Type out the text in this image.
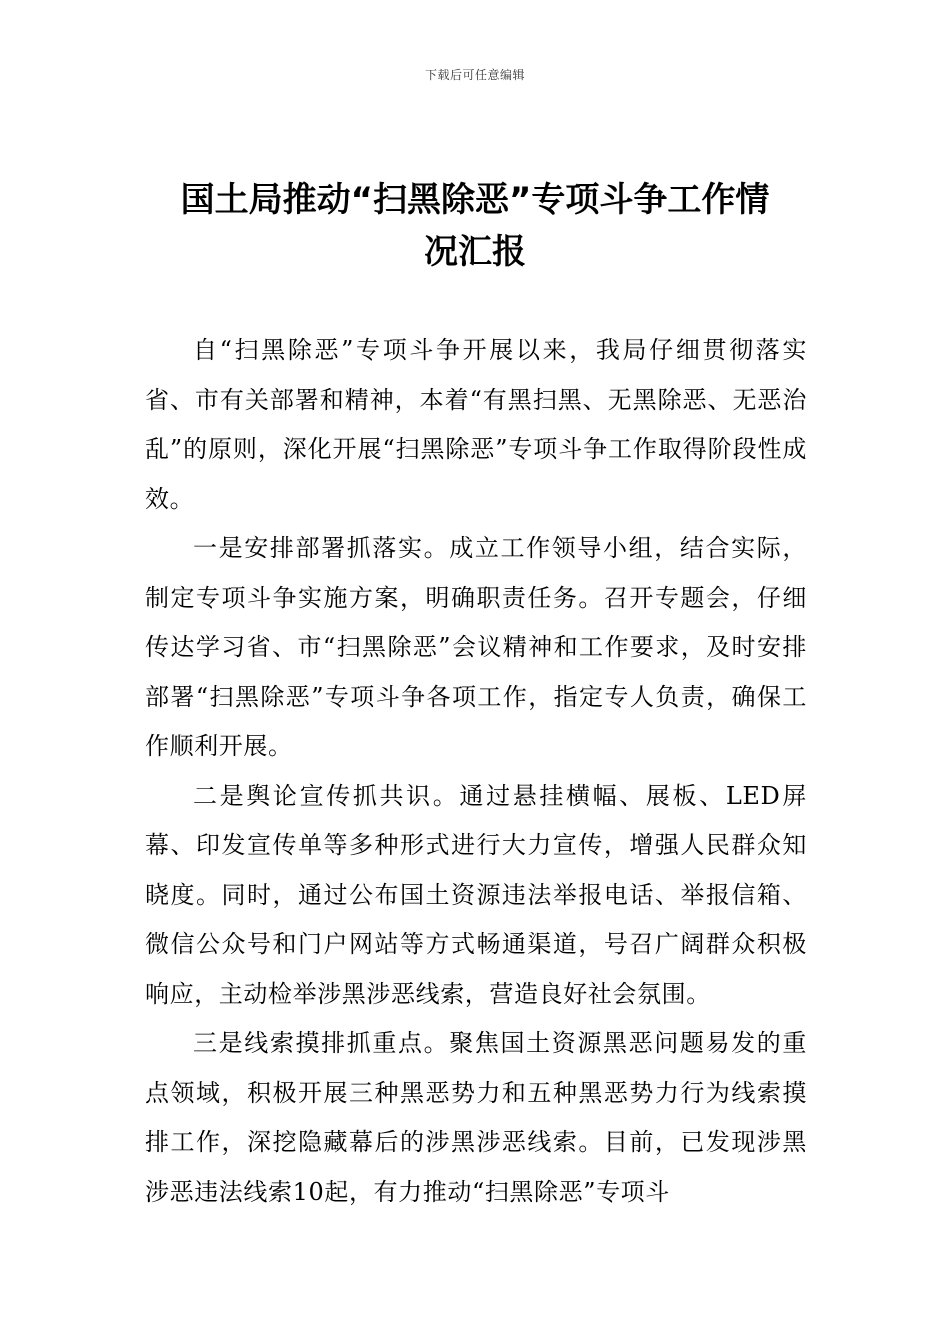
下载后可任意编辑
国土局推动“扫黑除恶”专项斗争工作情
况汇报

自“扫黑除恶”专项斗争开展以来，我局仔细贯彻落实省、市有关部署和精神，本着“有黑扫黑、无黑除恶、无恶治乱”的原则，深化开展“扫黑除恶”专项斗争工作取得阶段性成效。

一是安排部署抓落实。成立工作领导小组，结合实际，制定专项斗争实施方案，明确职责任务。召开专题会，仔细传达学习省、市“扫黑除恶”会议精神和工作要求，及时安排部署“扫黑除恶”专项斗争各项工作，指定专人负责，确保工作顺利开展。

二是舆论宣传抓共识。通过悬挂横幅、展板、LED屏幕、印发宣传单等多种形式进行大力宣传，增强人民群众知晓度。同时，通过公布国土资源违法举报电话、举报信箱、微信公众号和门户网站等方式畅通渠道，号召广阔群众积极响应，主动检举涉黑涉恶线索，营造良好社会氛围。

三是线索摸排抓重点。聚焦国土资源黑恶问题易发的重点领域，积极开展三种黑恶势力和五种黑恶势力行为线索摸排工作，深挖隐藏幕后的涉黑涉恶线索。目前，已发现涉黑涉恶违法线索10起，有力推动“扫黑除恶”专项斗
